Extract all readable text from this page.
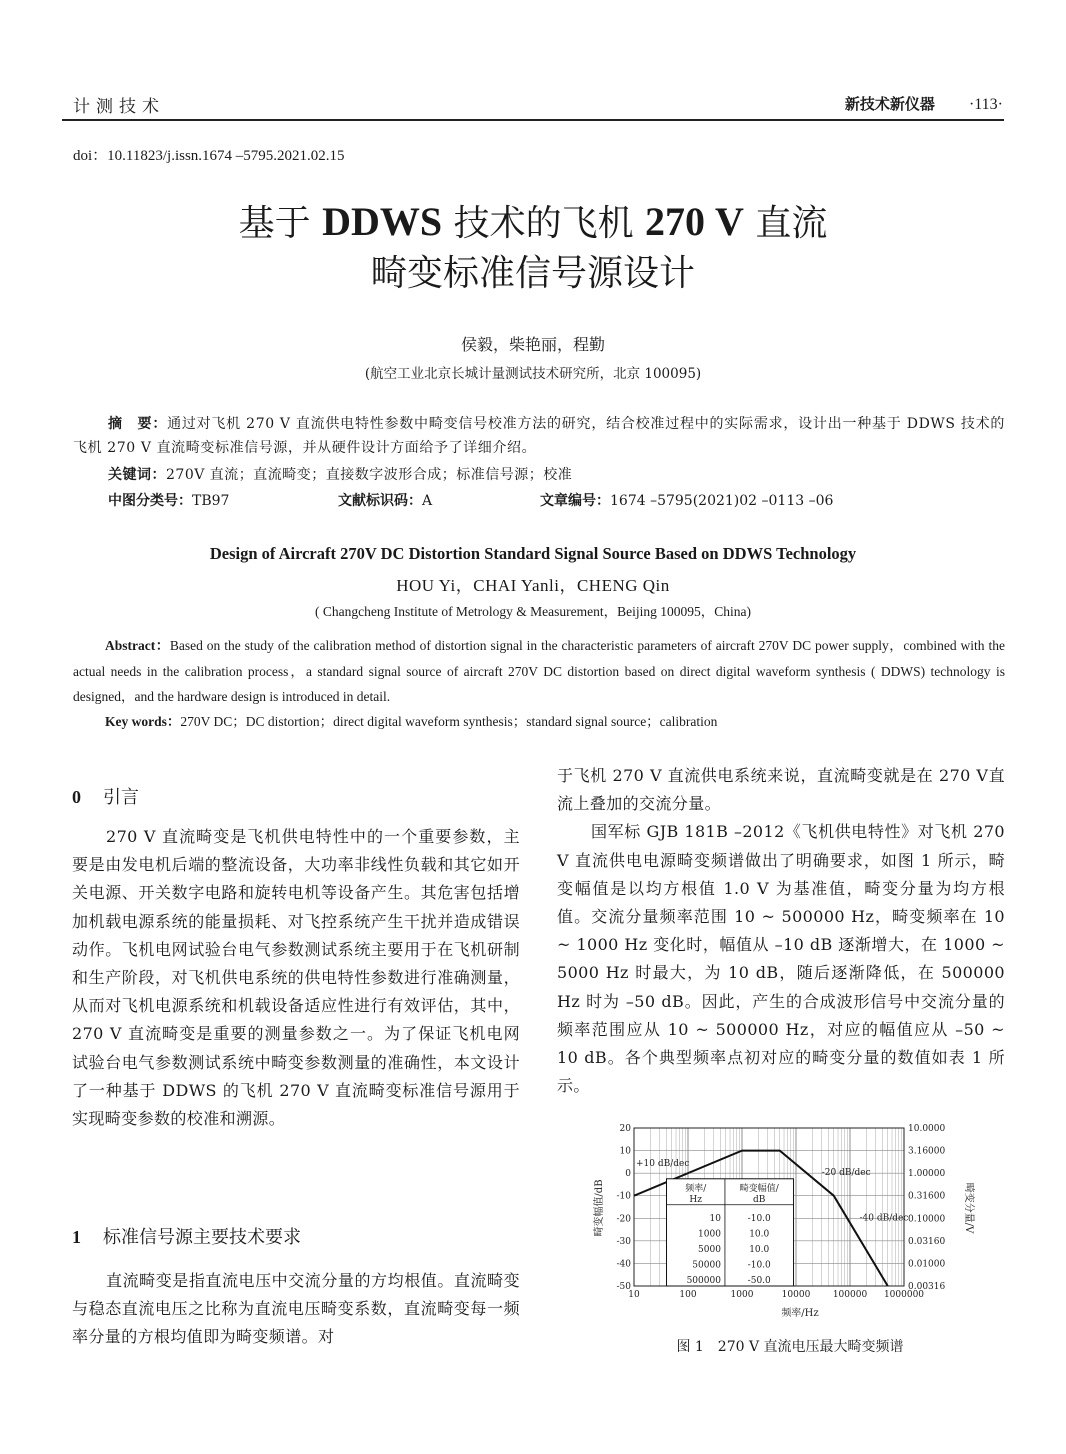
计测技术	新技术新仪器 ·113·
doi：10.11823/j.issn.1674 –5795.2021.02.15
基于 DDWS 技术的飞机 270 V 直流
畸变标准信号源设计
侯毅，柴艳丽，程勤
(航空工业北京长城计量测试技术研究所，北京 100095)
摘　要：通过对飞机 270 V 直流供电特性参数中畸变信号校准方法的研究，结合校准过程中的实际需求，设计出一种基于 DDWS 技术的飞机 270 V 直流畸变标准信号源，并从硬件设计方面给予了详细介绍。
关键词：270V 直流；直流畸变；直接数字波形合成；标准信号源；校准
中图分类号：TB97	文献标识码：A	文章编号：1674 –5795(2021)02 –0113 –06
Design of Aircraft 270V DC Distortion Standard Signal Source Based on DDWS Technology
HOU Yi，CHAI Yanli，CHENG Qin
( Changcheng Institute of Metrology & Measurement，Beijing 100095，China)
Abstract：Based on the study of the calibration method of distortion signal in the characteristic parameters of aircraft 270V DC power supply，combined with the actual needs in the calibration process，a standard signal source of aircraft 270V DC distortion based on direct digital waveform synthesis ( DDWS) technology is designed，and the hardware design is introduced in detail.
Key words：270V DC；DC distortion；direct digital waveform synthesis；standard signal source；calibration
0 引言

270 V 直流畸变是飞机供电特性中的一个重要参数，主要是由发电机后端的整流设备，大功率非线性负载和其它如开关电源、开关数字电路和旋转电机等设备产生。其危害包括增加机载电源系统的能量损耗、对飞控系统产生干扰并造成错误动作。飞机电网试验台电气参数测试系统主要用于在飞机研制和生产阶段，对飞机供电系统的供电特性参数进行准确测量，从而对飞机电源系统和机载设备适应性进行有效评估，其中，270 V 直流畸变是重要的测量参数之一。为了保证飞机电网试验台电气参数测试系统中畸变参数测量的准确性，本文设计了一种基于 DDWS 的飞机 270 V 直流畸变标准信号源用于实现畸变参数的校准和溯源。

1 标准信号源主要技术要求

直流畸变是指直流电压中交流分量的方均根值。直流畸变与稳态直流电压之比称为直流电压畸变系数，直流畸变每一频率分量的方根均值即为畸变频谱。对

于飞机 270 V 直流供电系统来说，直流畸变就是在 270 V直流上叠加的交流分量。

国军标 GJB 181B –2012《飞机供电特性》对飞机 270 V 直流供电电源畸变频谱做出了明确要求，如图 1 所示，畸变幅值是以均方根值 1.0 V 为基准值，畸变分量为均方根值。交流分量频率范围 10 ~ 500000 Hz，畸变频率在 10 ~ 1000 Hz 变化时，幅值从 –10 dB 逐渐增大，在 1000 ~ 5000 Hz 时最大，为 10 dB，随后逐渐降低，在 500000 Hz 时为 –50 dB。因此，产生的合成波形信号中交流分量的频率范围应从 10 ~ 500000 Hz，对应的幅值应从 –50 ~ 10 dB。各个典型频率点初对应的畸变分量的数值如表 1 所示。

20
10
0
-10
-20
-30
-40
-50
10.0000
3.16000
1.00000
0.31600
0.10000
0.03160
0.01000
0.00316
10	100	1000	10000	100000 1000000
+10 dB/dec
-20 dB/dec
-40 dB/dec
频率/
Hz
畸变幅值/
dB
10	-10.0
1000	10.0
5000	10.0
50000	-10.0
500000	-50.0
频率/Hz
畸变幅值/dB	畸变分量/V
图 1　270 V 直流电压最大畸变频谱
